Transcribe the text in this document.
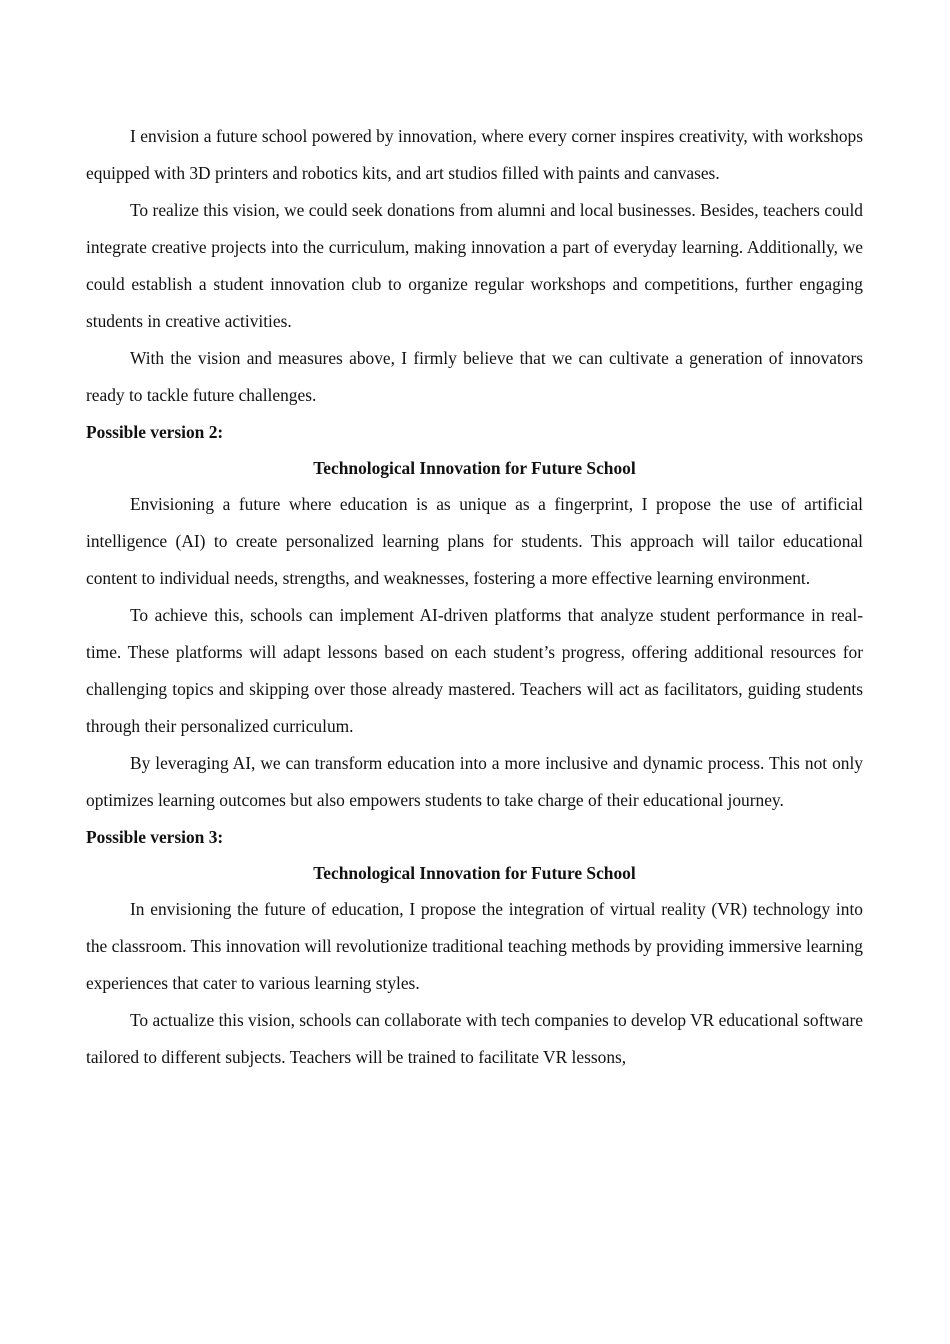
I envision a future school powered by innovation, where every corner inspires creativity, with workshops equipped with 3D printers and robotics kits, and art studios filled with paints and canvases.

To realize this vision, we could seek donations from alumni and local businesses. Besides, teachers could integrate creative projects into the curriculum, making innovation a part of everyday learning. Additionally, we could establish a student innovation club to organize regular workshops and competitions, further engaging students in creative activities.

With the vision and measures above, I firmly believe that we can cultivate a generation of innovators ready to tackle future challenges.

Possible version 2:

Technological Innovation for Future School

Envisioning a future where education is as unique as a fingerprint, I propose the use of artificial intelligence (AI) to create personalized learning plans for students. This approach will tailor educational content to individual needs, strengths, and weaknesses, fostering a more effective learning environment.

To achieve this, schools can implement AI-driven platforms that analyze student performance in real-time. These platforms will adapt lessons based on each student’s progress, offering additional resources for challenging topics and skipping over those already mastered. Teachers will act as facilitators, guiding students through their personalized curriculum.

By leveraging AI, we can transform education into a more inclusive and dynamic process. This not only optimizes learning outcomes but also empowers students to take charge of their educational journey.

Possible version 3:

Technological Innovation for Future School

In envisioning the future of education, I propose the integration of virtual reality (VR) technology into the classroom. This innovation will revolutionize traditional teaching methods by providing immersive learning experiences that cater to various learning styles.

To actualize this vision, schools can collaborate with tech companies to develop VR educational software tailored to different subjects. Teachers will be trained to facilitate VR lessons,
